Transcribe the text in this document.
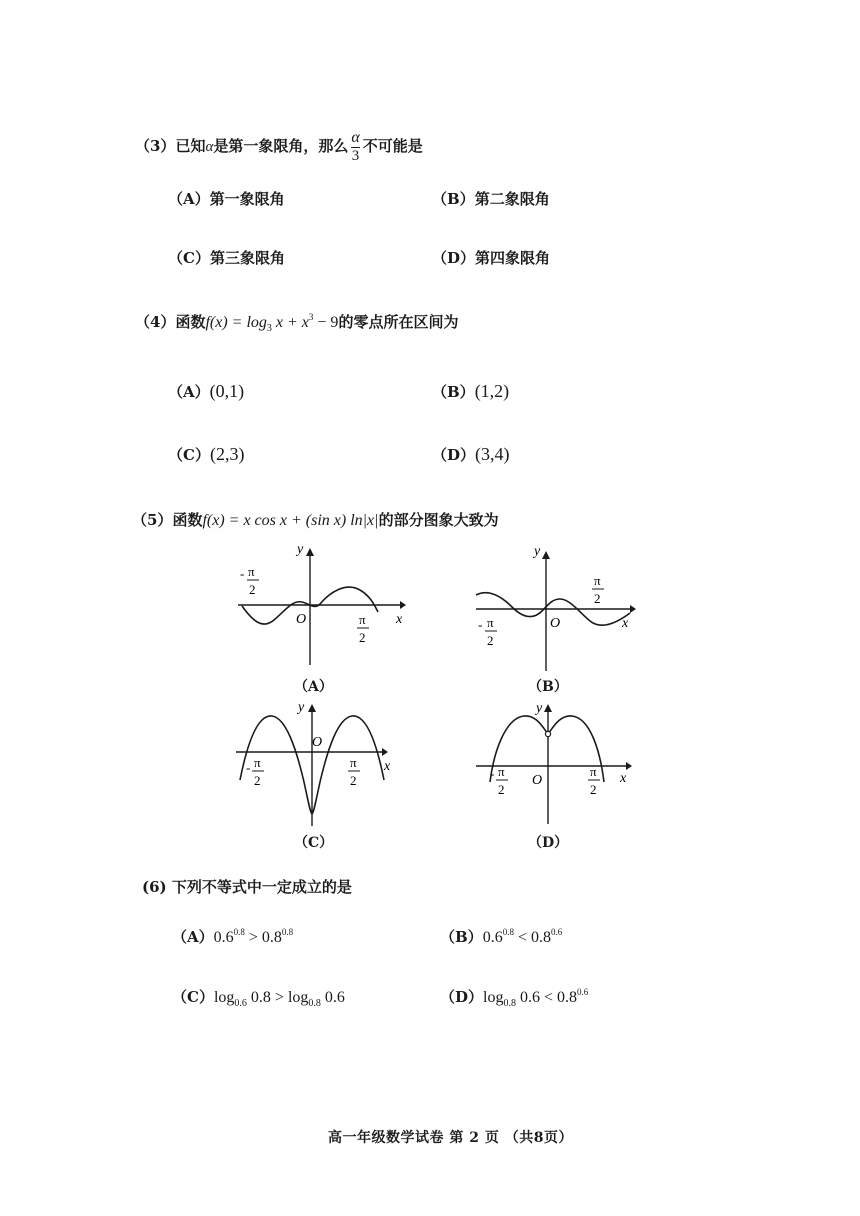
（3）已知α是第一象限角，那么 $\frac{\alpha}{3}$ 不可能是
（A）第一象限角	（B）第二象限角
（C）第三象限角	（D）第四象限角
（4）函数$f(x) = \log_3 x + x^3 - 9$的零点所在区间为
（A）(0,1)	（B）(1,2)
（C）(2,3)	（D）(3,4)
（5）函数f(x) = x cos x + (sin x) ln|x|的部分图象大致为
y
x
O
- π
2
π
2
（A）
y
x
O
- π
2
π
2
（B）
y
x
O
- π
2
π
2
（C）
y
x
O
- π
2
π
2
（D）
(6) 下列不等式中一定成立的是
$(A)0.6^{0.8} > 0.8^{0.8}$	$(B)0.6^{0.8} < 0.8^{0.6}$
$(C)\log_{0.6}$ $0.8 > \log_{0.8} 0.6$	$(D)\log_{0.8}$ $0.6 < 0.8^{0.6}$
高一年级数学试卷 第 2 页 （共8页）
